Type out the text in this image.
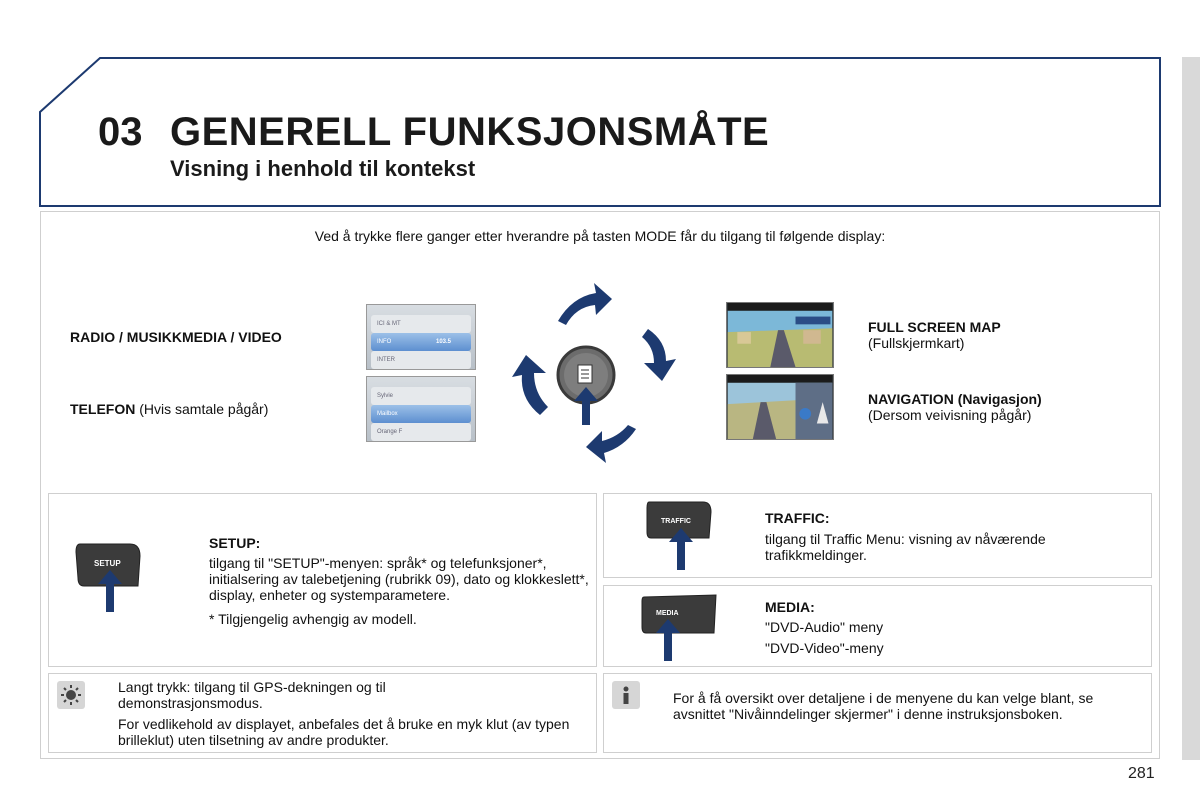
03 GENERELL FUNKSJONSMÅTE
Visning i henhold til kontekst
Ved å trykke flere ganger etter hverandre på tasten MODE får du tilgang til følgende display:
RADIO / MUSIKKMEDIA / VIDEO
TELEFON (Hvis samtale pågår)
ICI & MT
INFO	103.5
INTER
Sylvie
Mailbox
Orange F
FULL SCREEN MAP
(Fullskjermkart)
NAVIGATION (Navigasjon)
(Dersom veivisning pågår)
SETUP
SETUP:
tilgang til "SETUP"-menyen: språk* og telefunksjoner*, initialsering av talebetjening (rubrikk 09), dato og klokkeslett*, display, enheter og systemparametere.
* Tilgjengelig avhengig av modell.
TRAFFIC	TRAFFIC:
tilgang til Traffic Menu: visning av nåværende trafikkmeldinger.
MEDIA	MEDIA:
"DVD-Audio" meny
"DVD-Video"-meny
Langt trykk: tilgang til GPS-dekningen og til demonstrasjonsmodus.
For vedlikehold av displayet, anbefales det å bruke en myk klut (av typen brilleklut) uten tilsetning av andre produkter.
For å få oversikt over detaljene i de menyene du kan velge blant, se avsnittet "Nivåinndelinger skjermer" i denne instruksjonsboken.
281
